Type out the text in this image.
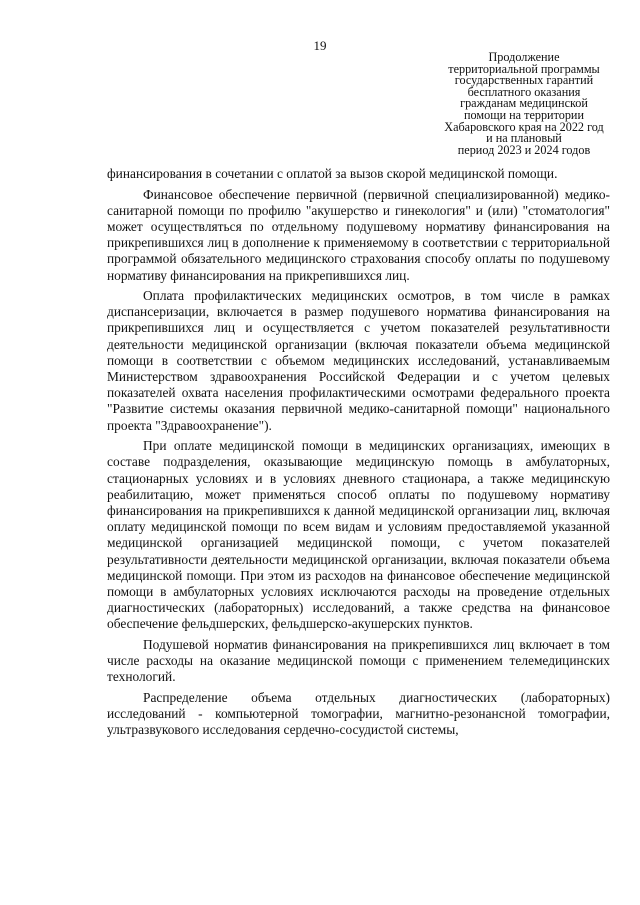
19
Продолжение
территориальной программы
государственных гарантий
бесплатного оказания
гражданам медицинской
помощи на территории
Хабаровского края на 2022 год
и на плановый
период 2023 и 2024 годов

финансирования в сочетании с оплатой за вызов скорой медицинской помощи.

Финансовое обеспечение первичной (первичной специализированной) медико-санитарной помощи по профилю "акушерство и гинекология" и (или) "стоматология" может осуществляться по отдельному подушевому нормативу финансирования на прикрепившихся лиц в дополнение к применяемому в соответствии с территориальной программой обязательного медицинского страхования способу оплаты по подушевому нормативу финансирования на прикрепившихся лиц.

Оплата профилактических медицинских осмотров, в том числе в рамках диспансеризации, включается в размер подушевого норматива финансирования на прикрепившихся лиц и осуществляется с учетом показателей результативности деятельности медицинской организации (включая показатели объема медицинской помощи в соответствии с объемом медицинских исследований, устанавливаемым Министерством здравоохранения Российской Федерации и с учетом целевых показателей охвата населения профилактическими осмотрами федерального проекта "Развитие системы оказания первичной медико-санитарной помощи" национального проекта "Здравоохранение").

При оплате медицинской помощи в медицинских организациях, имеющих в составе подразделения, оказывающие медицинскую помощь в амбулаторных, стационарных условиях и в условиях дневного стационара, а также медицинскую реабилитацию, может применяться способ оплаты по подушевому нормативу финансирования на прикрепившихся к данной медицинской организации лиц, включая оплату медицинской помощи по всем видам и условиям предоставляемой указанной медицинской организацией медицинской помощи, с учетом показателей результативности деятельности медицинской организации, включая показатели объема медицинской помощи. При этом из расходов на финансовое обеспечение медицинской помощи в амбулаторных условиях исключаются расходы на проведение отдельных диагностических (лабораторных) исследований, а также средства на финансовое обеспечение фельдшерских, фельдшерско-акушерских пунктов.

Подушевой норматив финансирования на прикрепившихся лиц включает в том числе расходы на оказание медицинской помощи с применением телемедицинских технологий.

Распределение объема отдельных диагностических (лабораторных) исследований - компьютерной томографии, магнитно-резонансной томографии, ультразвукового исследования сердечно-сосудистой системы,
